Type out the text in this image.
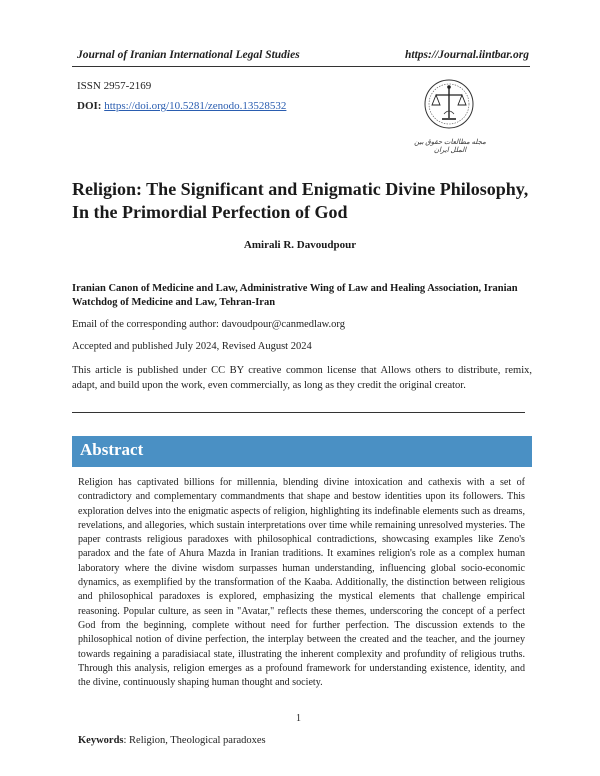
Journal of Iranian International Legal Studies	https://Journal.iintbar.org
ISSN 2957-2169
DOI: https://doi.org/10.5281/zenodo.13528532
مجله مطالعات حقوق بین الملل ایران
Religion: The Significant and Enigmatic Divine Philosophy, In the Primordial Perfection of God
Amirali R. Davoudpour
Iranian Canon of Medicine and Law, Administrative Wing of Law and Healing Association, Iranian Watchdog of Medicine and Law, Tehran-Iran
Email of the corresponding author: davoudpour@canmedlaw.org
Accepted and published July 2024, Revised August 2024
This article is published under CC BY creative common license that Allows others to distribute, remix, adapt, and build upon the work, even commercially, as long as they credit the original creator.
Abstract
Religion has captivated billions for millennia, blending divine intoxication and cathexis with a set of contradictory and complementary commandments that shape and bestow identities upon its followers. This exploration delves into the enigmatic aspects of religion, highlighting its indefinable elements such as dreams, revelations, and allegories, which sustain interpretations over time while remaining unresolved mysteries. The paper contrasts religious paradoxes with philosophical contradictions, showcasing examples like Zeno's paradox and the fate of Ahura Mazda in Iranian traditions. It examines religion's role as a complex human laboratory where the divine wisdom surpasses human understanding, influencing global socio-economic dynamics, as exemplified by the transformation of the Kaaba. Additionally, the distinction between religious and philosophical paradoxes is explored, emphasizing the mystical elements that challenge empirical reasoning. Popular culture, as seen in "Avatar," reflects these themes, underscoring the concept of a perfect God from the beginning, complete without need for further perfection. The discussion extends to the philosophical notion of divine perfection, the interplay between the created and the teacher, and the journey towards regaining a paradisiacal state, illustrating the inherent complexity and profundity of religious truths. Through this analysis, religion emerges as a profound framework for understanding existence, identity, and the divine, continuously shaping human thought and society.
1
Keywords: Religion, Theological paradoxes
